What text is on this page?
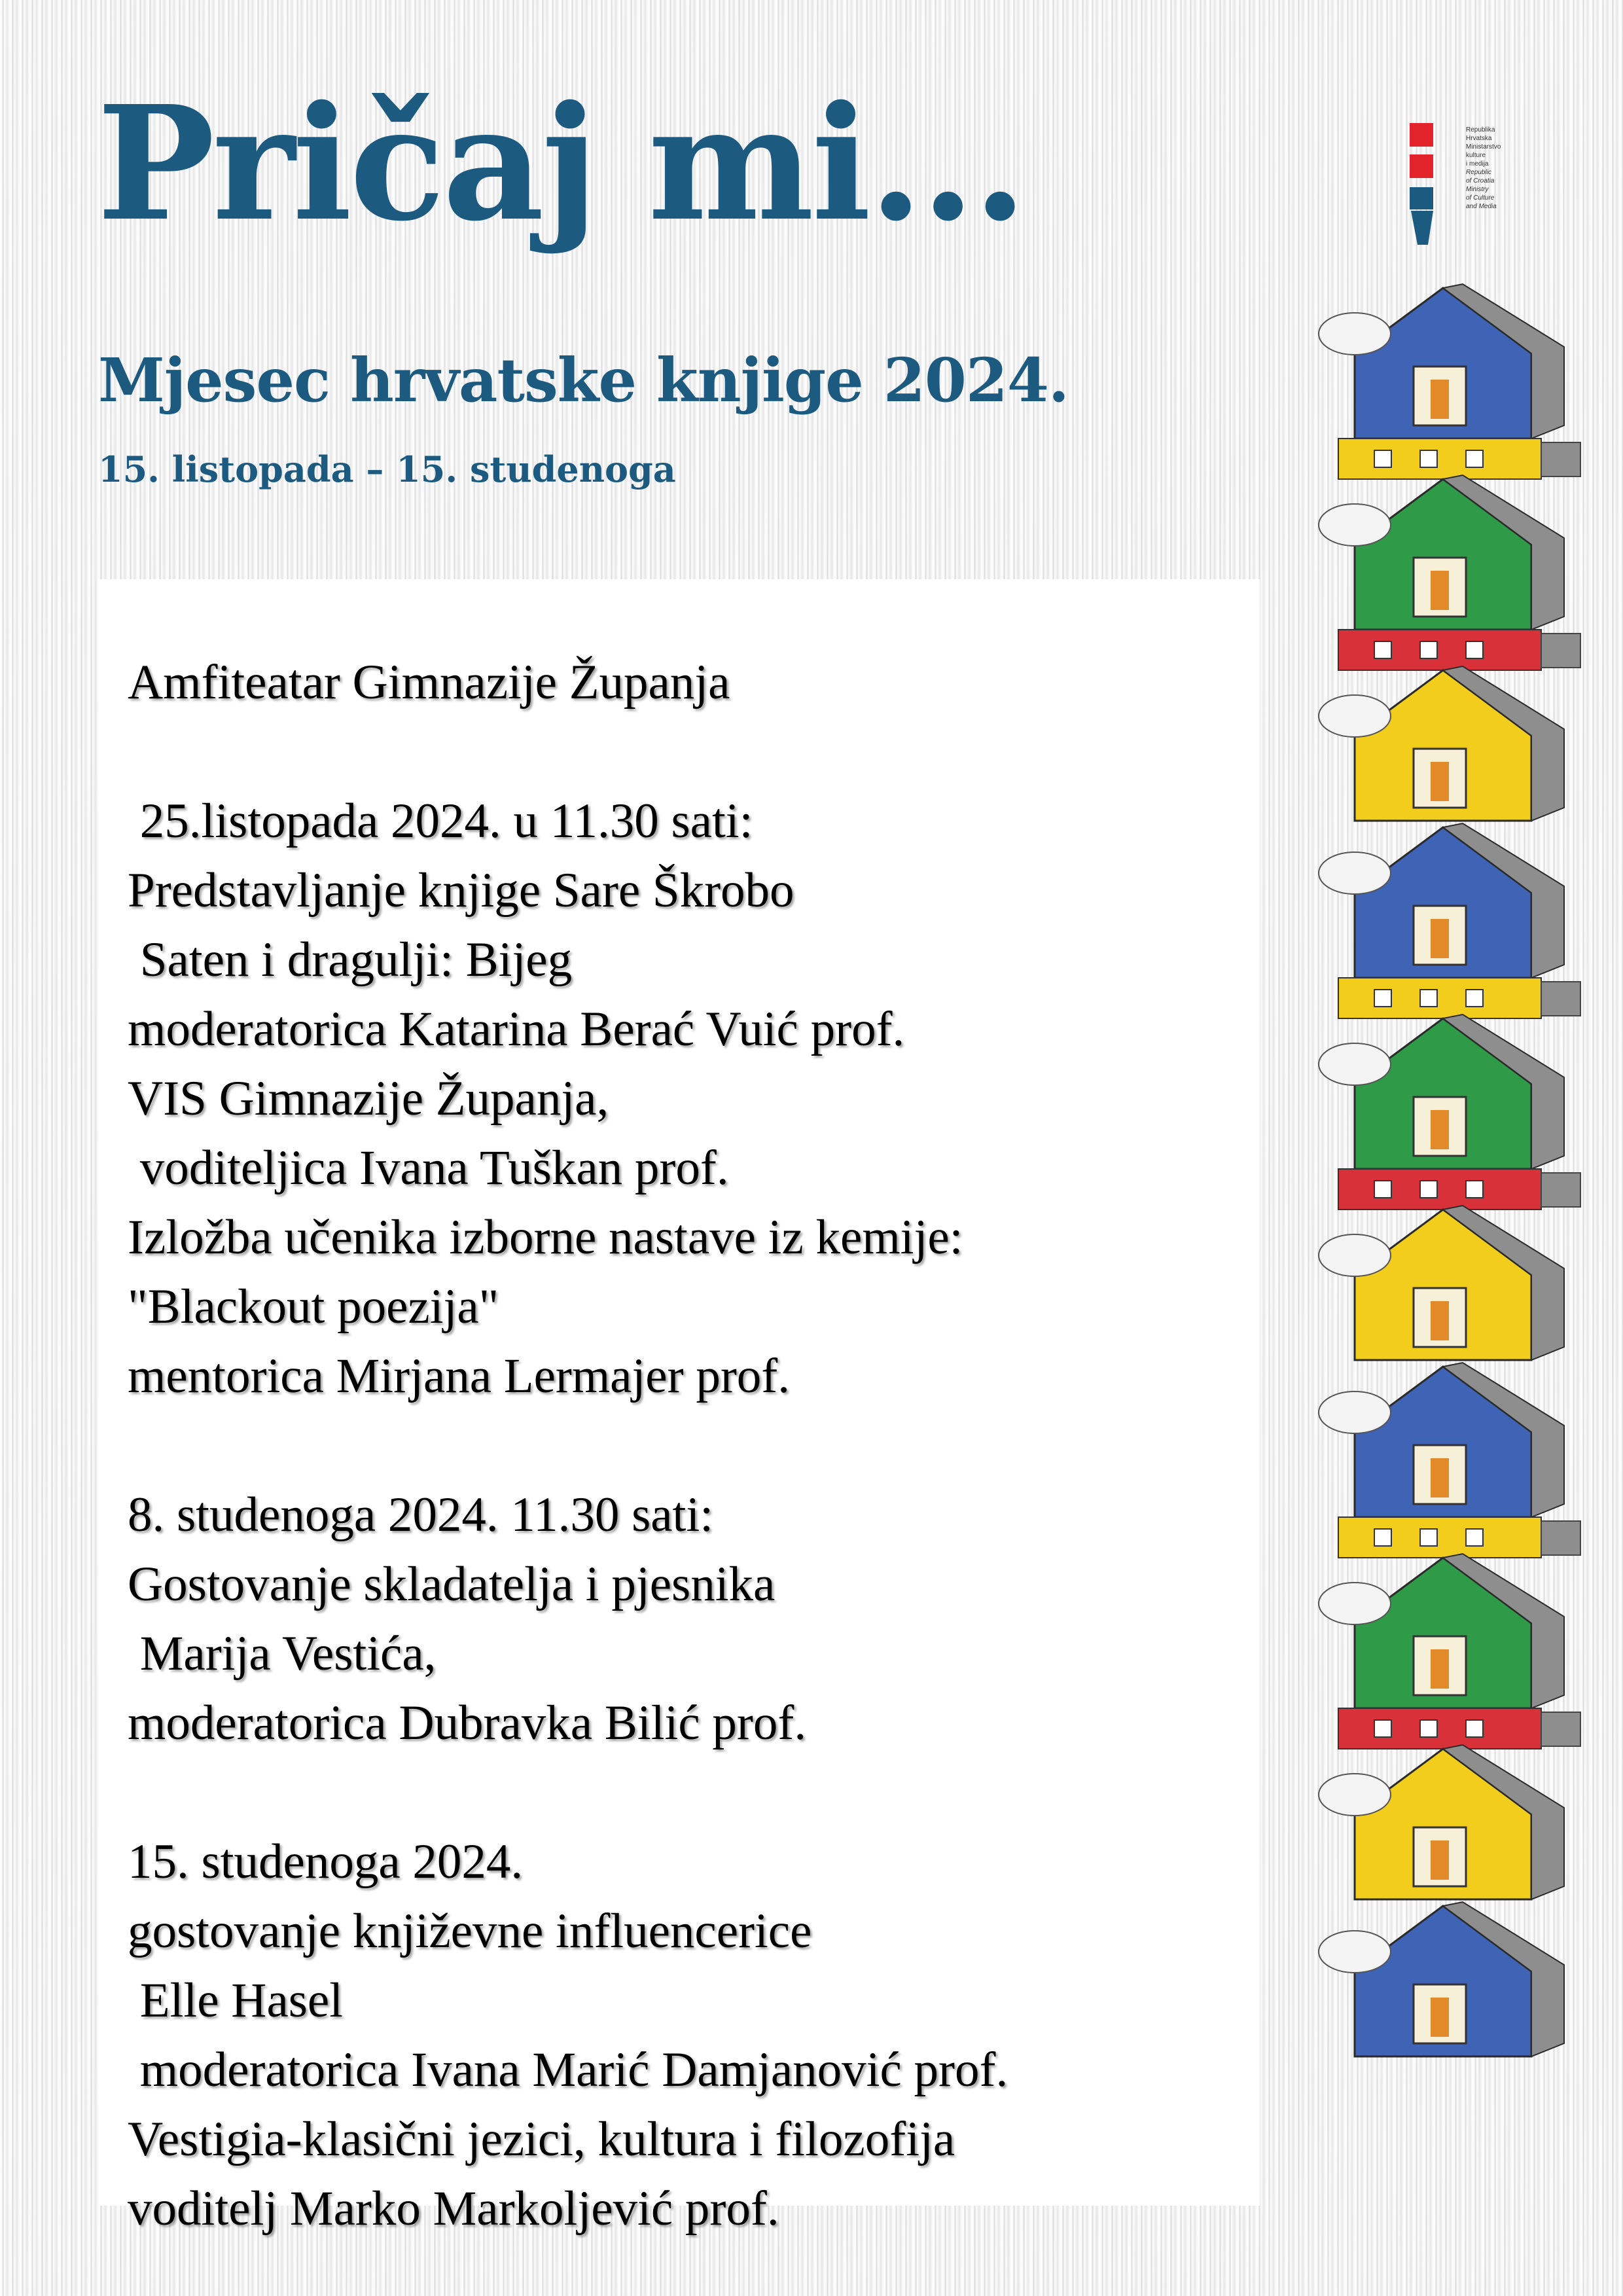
Pričaj mi...
Mjesec hrvatske knjige 2024.

15. listopada – 15. studenoga

Republika
Hrvatska
Ministarstvo
kulture
i medija
Republic
of Croatia
Ministry
of Culture
and Media
Amfiteatar Gimnazije Županja
25.listopada 2024. u 11.30 sati:
Predstavljanje knjige Sare Škrobo
Saten i dragulji: Bijeg
moderatorica Katarina Berać Vuić prof.
VIS Gimnazije Županja,
voditeljica Ivana Tuškan prof.
Izložba učenika izborne nastave iz kemije:
"Blackout poezija"
mentorica Mirjana Lermajer prof.
8. studenoga 2024. 11.30 sati:
Gostovanje skladatelja i pjesnika
Marija Vestića,
moderatorica Dubravka Bilić prof.
15. studenoga 2024.
gostovanje književne influencerice
Elle Hasel
moderatorica Ivana Marić Damjanović prof.
Vestigia-klasični jezici, kultura i filozofija
voditelj Marko Markoljević prof.
